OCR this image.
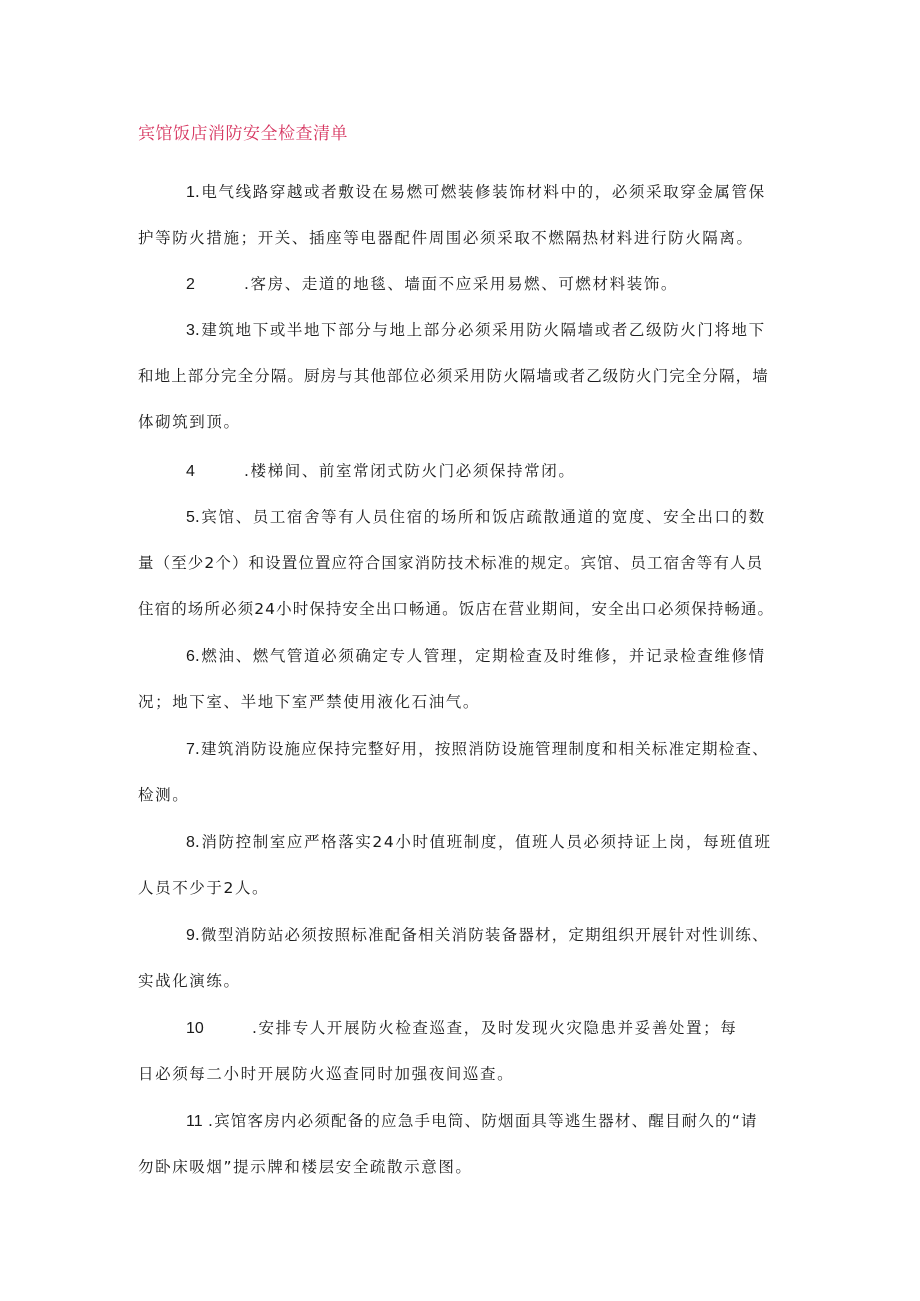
宾馆饭店消防安全检查清单
1.电气线路穿越或者敷设在易燃可燃装修装饰材料中的，必须采取穿金属管保
护等防火措施；开关、插座等电器配件周围必须采取不燃隔热材料进行防火隔离。
2	.客房、走道的地毯、墙面不应采用易燃、可燃材料装饰。
3.建筑地下或半地下部分与地上部分必须采用防火隔墙或者乙级防火门将地下
和地上部分完全分隔。厨房与其他部位必须采用防火隔墙或者乙级防火门完全分隔，墙
体砌筑到顶。
4	.楼梯间、前室常闭式防火门必须保持常闭。
5.宾馆、员工宿舍等有人员住宿的场所和饭店疏散通道的宽度、安全出口的数
量（至少2个）和设置位置应符合国家消防技术标准的规定。宾馆、员工宿舍等有人员
住宿的场所必须24小时保持安全出口畅通。饭店在营业期间，安全出口必须保持畅通。
6.燃油、燃气管道必须确定专人管理，定期检查及时维修，并记录检查维修情
况；地下室、半地下室严禁使用液化石油气。
7.建筑消防设施应保持完整好用，按照消防设施管理制度和相关标准定期检查、
检测。
8.消防控制室应严格落实24小时值班制度，值班人员必须持证上岗，每班值班
人员不少于2人。
9.微型消防站必须按照标准配备相关消防装备器材，定期组织开展针对性训练、
实战化演练。
10	.安排专人开展防火检查巡查，及时发现火灾隐患并妥善处置；每
日必须每二小时开展防火巡查同时加强夜间巡查。
11 .宾馆客房内必须配备的应急手电筒、防烟面具等逃生器材、醒目耐久的“请
勿卧床吸烟”提示牌和楼层安全疏散示意图。
